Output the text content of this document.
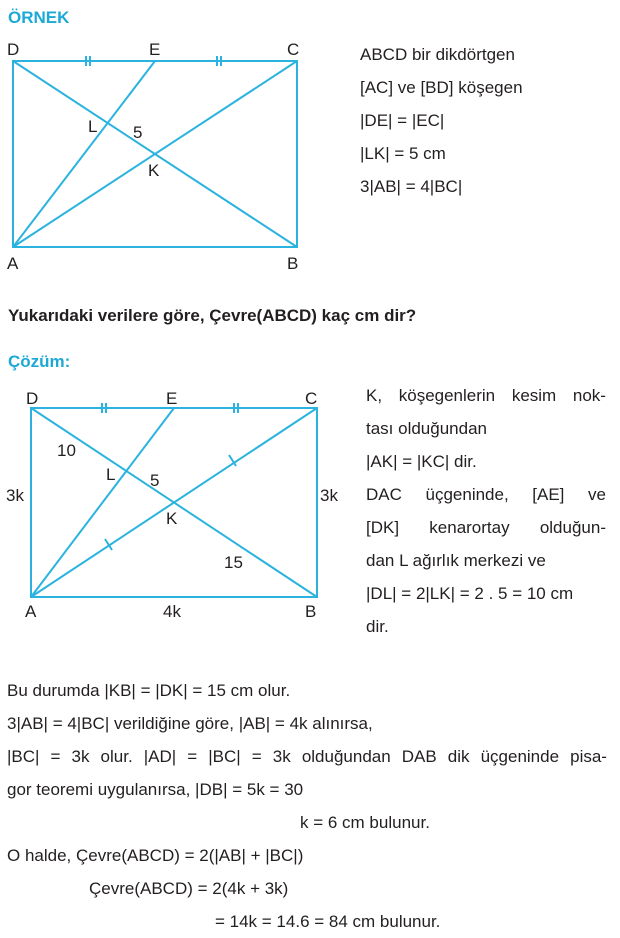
ÖRNEK
D	E	C
A	B
L
K
5
D	E	C
A	B
L
K
10
5
15
3k	3k
4k
ABCD bir dikdörtgen
[AC] ve [BD] köşegen
|DE| = |EC|
|LK| = 5 cm
3|AB| = 4|BC|
Yukarıdaki verilere göre, Çevre(ABCD) kaç cm dir?
Çözüm:
K, köşegenlerin kesim nok-
tası olduğundan
|AK| = |KC| dir.
DAC üçgeninde, [AE] ve
[DK] kenarortay olduğun-
dan L ağırlık merkezi ve
|DL| = 2|LK| = 2 . 5 = 10 cm
dir.
Bu durumda |KB| = |DK| = 15 cm olur.
3|AB| = 4|BC| verildiğine göre, |AB| = 4k alınırsa,
|BC| = 3k olur. |AD| = |BC| = 3k olduğundan DAB dik üçgeninde pisa-
gor teoremi uygulanırsa, |DB| = 5k = 30
k = 6 cm bulunur.
O halde, Çevre(ABCD) = 2(|AB| + |BC|)
Çevre(ABCD) = 2(4k + 3k)
= 14k = 14.6 = 84 cm bulunur.
